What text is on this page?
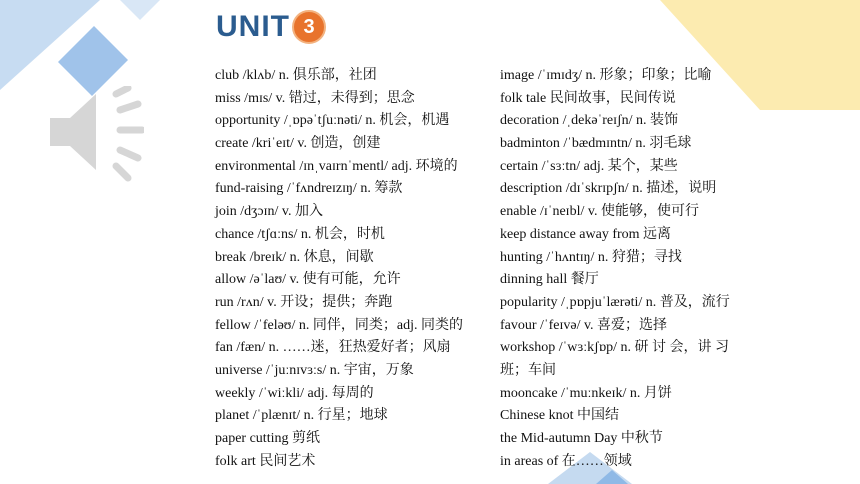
UNIT 3
club /klʌb/ n. 俱乐部，社团
miss /mɪs/ v. 错过，未得到；思念
opportunity /ˌɒpəˈtʃuːnəti/ n. 机会，机遇
create /kriˈeɪt/ v. 创造，创建
environmental /ɪnˌvaɪrnˈmentl/ adj. 环境的
fund-raising /ˈfʌndreɪzɪŋ/ n. 筹款
join /dʒɔɪn/ v. 加入
chance /tʃɑːns/ n. 机会，时机
break /breɪk/ n. 休息，间歇
allow /əˈlaʊ/ v. 使有可能，允许
run /rʌn/ v. 开设；提供；奔跑
fellow /ˈfeləʊ/ n. 同伴，同类；adj. 同类的
fan /fæn/ n. ……迷，狂热爱好者；风扇
universe /ˈjuːnɪvɜːs/ n. 宇宙，万象
weekly /ˈwiːkli/ adj. 每周的
planet /ˈplænɪt/ n. 行星；地球
paper cutting 剪纸
folk art 民间艺术
image /ˈɪmɪdʒ/ n. 形象；印象；比喻
folk tale 民间故事，民间传说
decoration /ˌdekəˈreɪʃn/ n. 装饰
badminton /ˈbædmɪntn/ n. 羽毛球
certain /ˈsɜːtn/ adj. 某个，某些
description /dɪˈskrɪpʃn/ n. 描述，说明
enable /ɪˈneɪbl/ v. 使能够，使可行
keep distance away from 远离
hunting /ˈhʌntɪŋ/ n. 狩猎；寻找
dinning hall 餐厅
popularity /ˌpɒpjuˈlærəti/ n. 普及，流行
favour /ˈfeɪvə/ v. 喜爱；选择
workshop /ˈwɜːkʃɒp/ n. 研 讨 会，讲 习
班；车间
mooncake /ˈmuːnkeɪk/ n. 月饼
Chinese knot 中国结
the Mid-autumn Day 中秋节
in areas of 在……领域
